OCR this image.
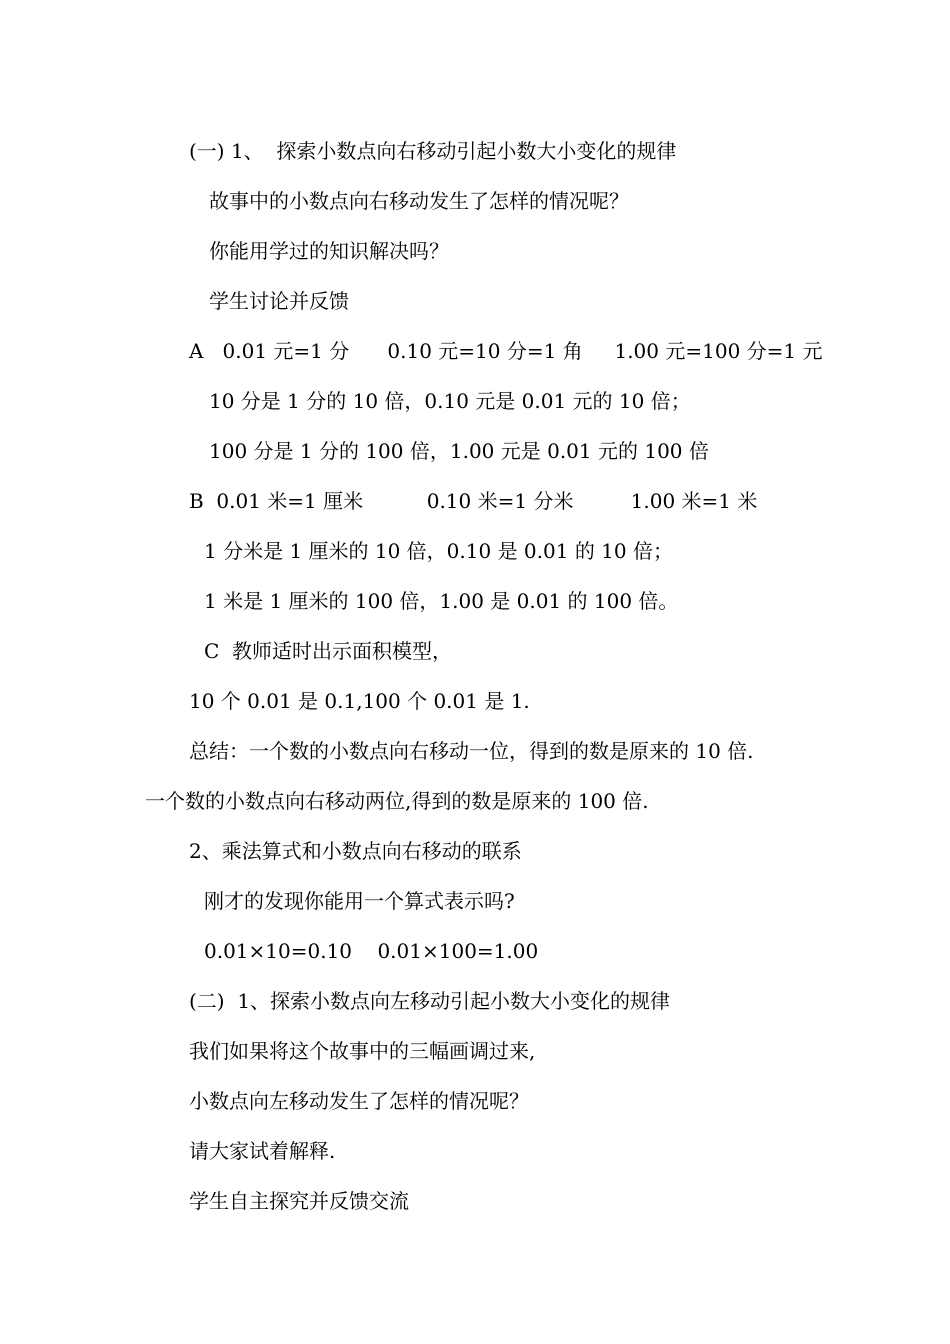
(一) 1、  探索小数点向右移动引起小数大小变化的规律
故事中的小数点向右移动发生了怎样的情况呢？
你能用学过的知识解决吗？
学生讨论并反馈
A   0.01 元=1 分      0.10 元=10 分=1 角     1.00 元=100 分=1 元
10 分是 1 分的 10 倍，0.10 元是 0.01 元的 10 倍；
100 分是 1 分的 100 倍，1.00 元是 0.01 元的 100 倍
B  0.01 米=1 厘米          0.10 米=1 分米         1.00 米=1 米
1 分米是 1 厘米的 10 倍，0.10 是 0.01 的 10 倍；
1 米是 1 厘米的 100 倍，1.00 是 0.01 的 100 倍。
C  教师适时出示面积模型，
10 个 0.01 是 0.1,100 个 0.01 是 1.
总结：一个数的小数点向右移动一位，得到的数是原来的 10 倍.
一个数的小数点向右移动两位,得到的数是原来的 100 倍.
2、乘法算式和小数点向右移动的联系
刚才的发现你能用一个算式表示吗?
0.01×10=0.10    0.01×100=1.00
(二)  1、探索小数点向左移动引起小数大小变化的规律
我们如果将这个故事中的三幅画调过来,
小数点向左移动发生了怎样的情况呢？
请大家试着解释.
学生自主探究并反馈交流
